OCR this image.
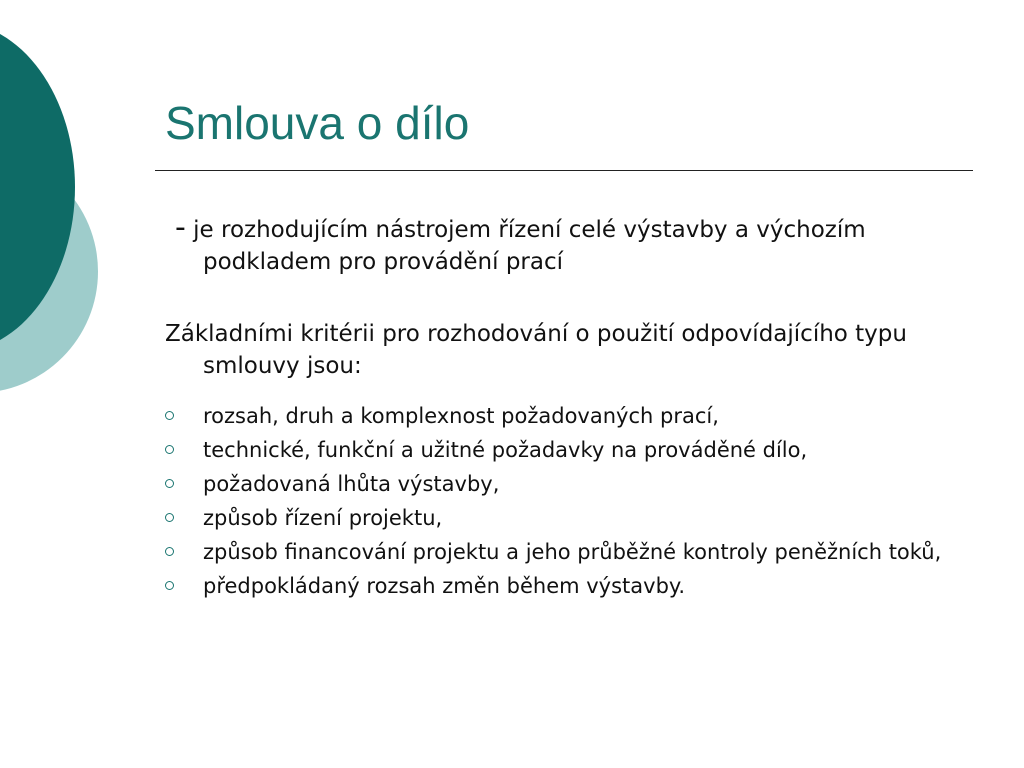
Smlouva o dílo

- je rozhodujícím nástrojem řízení celé výstavby a výchozím podkladem pro provádění prací

Základními kritérii pro rozhodování o použití odpovídajícího typu smlouvy jsou:

rozsah, druh a komplexnost požadovaných prací,
technické, funkční a užitné požadavky na prováděné dílo,
požadovaná lhůta výstavby,
způsob řízení projektu,
způsob financování projektu a jeho průběžné kontroly peněžních toků,
předpokládaný rozsah změn během výstavby.
